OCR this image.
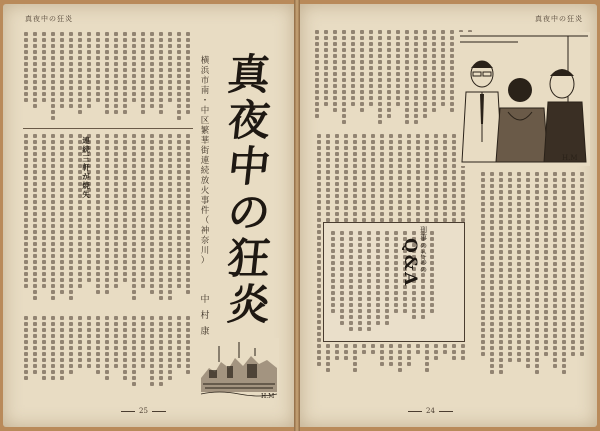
真夜中の狂炎
連
続
三
軒
が
焼
失
横
浜
市
南
・
中
区
繁
華
街
連
続
放
火
事
件
（
神
奈
川
）
真
夜
中
の
狂
炎
中
村
康
H.M
25
真夜中の狂炎
H.M
24
刑
事
の
た
め
の
Q&A
